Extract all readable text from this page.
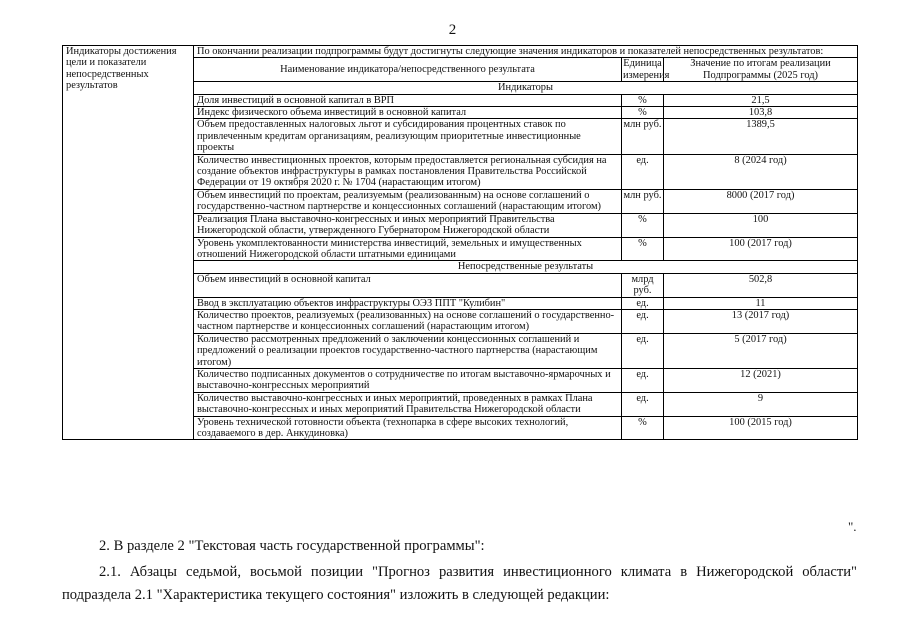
2
Индикаторы достижения цели и показатели непосредственных результатов	По окончании реализации подпрограммы будут достигнуты следующие значения индикаторов и показателей непосредственных результатов:		
	Наименование индикатора/непосредственного результата	Единица измерения	Значение по итогам реализации Подпрограммы (2025 год)
	Индикаторы		
	Доля инвестиций в основной капитал в ВРП	%	21,5
	Индекс физического объема инвестиций в основной капитал	%	103,8
	Объем предоставленных налоговых льгот и субсидирования процентных ставок по привлеченным кредитам организациям, реализующим приоритетные инвестиционные проекты	млн руб.	1389,5
	Количество инвестиционных проектов, которым предоставляется региональная субсидия на создание объектов инфраструктуры в рамках постановления Правительства Российской Федерации от 19 октября 2020 г. № 1704 (нарастающим итогом)	ед.	8 (2024 год)
	Объем инвестиций по проектам, реализуемым (реализованным) на основе соглашений о государственно-частном партнерстве и концессионных соглашений (нарастающим итогом)	млн руб.	8000 (2017 год)
	Реализация Плана выставочно-конгрессных и иных мероприятий Правительства Нижегородской области, утвержденного Губернатором Нижегородской области	%	100
	Уровень укомплектованности министерства инвестиций, земельных и имущественных отношений Нижегородской области штатными единицами	%	100 (2017 год)
	Непосредственные результаты		
	Объем инвестиций в основной капитал	млрд руб.	502,8
	Ввод в эксплуатацию объектов инфраструктуры ОЭЗ ППТ "Кулибин"	ед.	11
	Количество проектов, реализуемых (реализованных) на основе соглашений о государственно-частном партнерстве и концессионных соглашений (нарастающим итогом)	ед.	13 (2017 год)
	Количество рассмотренных предложений о заключении концессионных соглашений и предложений о реализации проектов государственно-частного партнерства (нарастающим итогом)	ед.	5 (2017 год)
	Количество подписанных документов о сотрудничестве по итогам выставочно-ярмарочных и выставочно-конгрессных мероприятий	ед.	12 (2021)
	Количество выставочно-конгрессных и иных мероприятий, проведенных в рамках Плана выставочно-конгрессных и иных мероприятий Правительства Нижегородской области	ед.	9
	Уровень технической готовности объекта (технопарка в сфере высоких технологий, создаваемого в дер. Анкудиновка)	%	100 (2015 год)
".

2. В разделе 2 "Текстовая часть государственной программы":

2.1. Абзацы седьмой, восьмой позиции "Прогноз развития инвестиционного климата в Нижегородской области"

подраздела 2.1 "Характеристика текущего состояния" изложить в следующей редакции:
